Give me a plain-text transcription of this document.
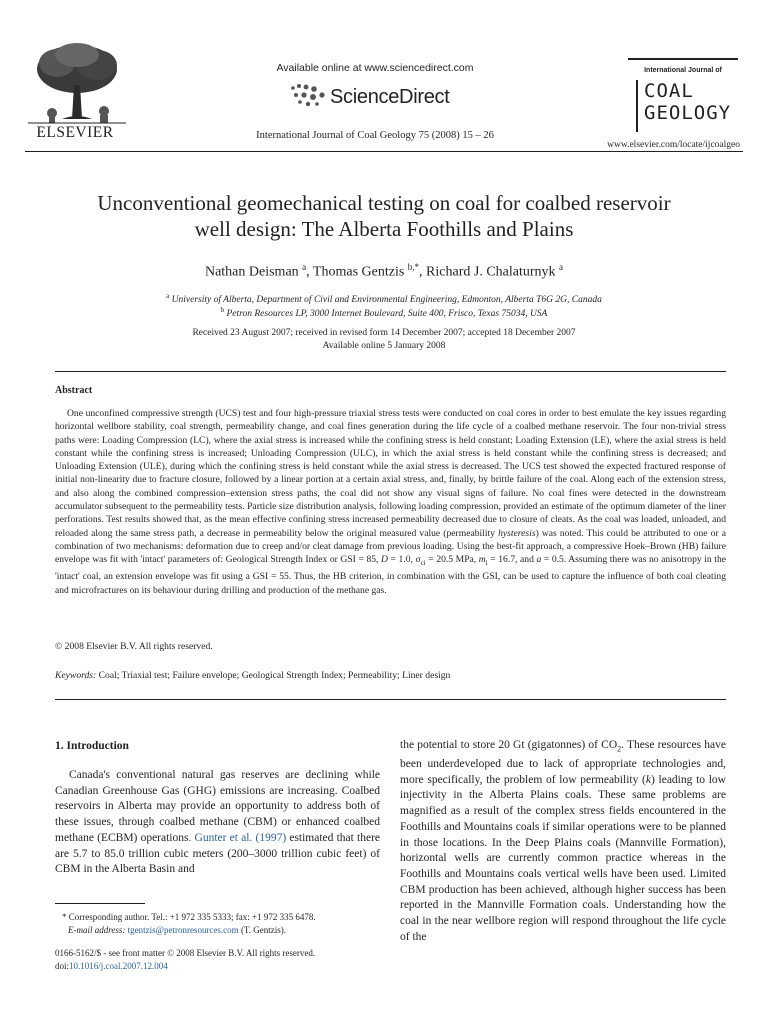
ELSEVIER
Available online at www.sciencedirect.com
ScienceDirect
International Journal of Coal Geology 75 (2008) 15 – 26
International Journal of
COAL
GEOLOGY
www.elsevier.com/locate/ijcoalgeo
Unconventional geomechanical testing on coal for coalbed reservoir
well design: The Alberta Foothills and Plains
Nathan Deisman $^a$, Thomas Gentzis $^{b,*}$, Richard J. Chalaturnyk $^a$
$^a$ University of Alberta, Department of Civil and Environmental Engineering, Edmonton, Alberta T6G 2G, Canada
$^b$ Petron Resources LP, 3000 Internet Boulevard, Suite 400, Frisco, Texas 75034, USA
Received 23 August 2007; received in revised form 14 December 2007; accepted 18 December 2007
Available online 5 January 2008
Abstract

One unconfined compressive strength (UCS) test and four high-pressure triaxial stress tests were conducted on coal cores in order to best emulate the key issues regarding horizontal wellbore stability, coal strength, permeability change, and coal fines generation during the life cycle of a coalbed methane reservoir. The four non-trivial stress paths were: Loading Compression (LC), where the axial stress is increased while the confining stress is held constant; Loading Extension (LE), where the axial stress is held constant while the confining stress is increased; Unloading Compression (ULC), in which the axial stress is held constant while the confining stress is decreased; and Unloading Extension (ULE), during which the confining stress is held constant while the axial stress is decreased. The UCS test showed the expected fractured response of initial non-linearity due to fracture closure, followed by a linear portion at a certain axial stress, and, finally, by brittle failure of the coal. Along each of the extension stress, and also along the combined compression–extension stress paths, the coal did not show any visual signs of failure. No coal fines were detected in the downstream accumulator subsequent to the permeability tests. Particle size distribution analysis, following loading compression, provided an estimate of the optimum diameter of the liner perforations. Test results showed that, as the mean effective confining stress increased permeability decreased due to closure of cleats. As the coal was loaded, unloaded, and reloaded along the same stress path, a decrease in permeability below the original measured value (permeability hysteresis) was noted. This could be attributed to one or a combination of two mechanisms: deformation due to creep and/or cleat damage from previous loading. Using the best-fit approach, a compressive Hoek–Brown (HB) failure envelope was fit with 'intact' parameters of: Geological Strength Index or GSI = 85, D = 1.0, $\sigma_{ci} = 20.5$ MPa, $m_i = 16.7$, and a = 0.5. Assuming there was no anisotropy in the 'intact' coal, an extension envelope was fit using a GSI = 55. Thus, the HB criterion, in combination with the GSI, can be used to capture the influence of both coal cleating and microfractures on its behaviour during drilling and production of the methane gas.

© 2008 Elsevier B.V. All rights reserved.
Keywords: Coal; Triaxial test; Failure envelope; Geological Strength Index; Permeability; Liner design
1. Introduction

Canada's conventional natural gas reserves are declining while Canadian Greenhouse Gas (GHG) emissions are increasing. Coalbed reservoirs in Alberta may provide an opportunity to address both of these issues, through coalbed methane (CBM) or enhanced coalbed methane (ECBM) operations. Gunter et al. (1997) estimated that there are 5.7 to 85.0 trillion cubic meters (200–3000 trillion cubic feet) of CBM in the Alberta Basin and

the potential to store 20 Gt (gigatonnes) of $CO_2$. These resources have been underdeveloped due to lack of appropriate technologies and, more specifically, the problem of low permeability (k) leading to low injectivity in the Alberta Plains coals. These same problems are magnified as a result of the complex stress fields encountered in the Foothills and Mountains coals if similar operations were to be planned in those locations. In the Deep Plains coals (Mannville Formation), horizontal wells are currently common practice whereas in the Foothills and Mountains coals vertical wells have been used. Limited CBM production has been achieved, although higher success has been reported in the Mannville Formation coals. Understanding how the coal in the near wellbore region will respond throughout the life cycle of the

* Corresponding author. Tel.: +1 972 335 5333; fax: +1 972 335 6478.
E-mail address: tgentzis@petronresources.com (T. Gentzis).
0166-5162/$ - see front matter © 2008 Elsevier B.V. All rights reserved.
doi:10.1016/j.coal.2007.12.004
